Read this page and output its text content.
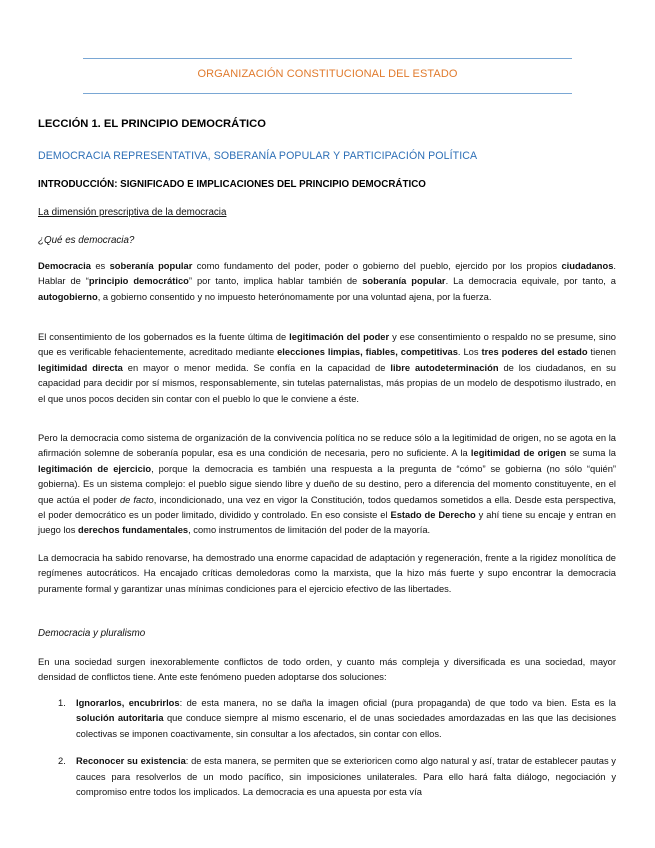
ORGANIZACIÓN CONSTITUCIONAL DEL ESTADO
LECCIÓN 1. EL PRINCIPIO DEMOCRÁTICO
DEMOCRACIA REPRESENTATIVA, SOBERANÍA POPULAR Y PARTICIPACIÓN POLÍTICA
INTRODUCCIÓN: SIGNIFICADO E IMPLICACIONES DEL PRINCIPIO DEMOCRÁTICO
La dimensión prescriptiva de la democracia
¿Qué es democracia?

Democracia es soberanía popular como fundamento del poder, poder o gobierno del pueblo, ejercido por los propios ciudadanos. Hablar de “principio democrático” por tanto, implica hablar también de soberanía popular. La democracia equivale, por tanto, a autogobierno, a gobierno consentido y no impuesto heterónomamente por una voluntad ajena, por la fuerza.

El consentimiento de los gobernados es la fuente última de legitimación del poder y ese consentimiento o respaldo no se presume, sino que es verificable fehacientemente, acreditado mediante elecciones limpias, fiables, competitivas. Los tres poderes del estado tienen legitimidad directa en mayor o menor medida. Se confía en la capacidad de libre autodeterminación de los ciudadanos, en su capacidad para decidir por sí mismos, responsablemente, sin tutelas paternalistas, más propias de un modelo de despotismo ilustrado, en el que unos pocos deciden sin contar con el pueblo lo que le conviene a éste.

Pero la democracia como sistema de organización de la convivencia política no se reduce sólo a la legitimidad de origen, no se agota en la afirmación solemne de soberanía popular, esa es una condición de necesaria, pero no suficiente. A la legitimidad de origen se suma la legitimación de ejercicio, porque la democracia es también una respuesta a la pregunta de “cómo” se gobierna (no sólo “quién” gobierna). Es un sistema complejo: el pueblo sigue siendo libre y dueño de su destino, pero a diferencia del momento constituyente, en el que actúa el poder de facto, incondicionado, una vez en vigor la Constitución, todos quedamos sometidos a ella. Desde esta perspectiva, el poder democrático es un poder limitado, dividido y controlado. En eso consiste el Estado de Derecho y ahí tiene su encaje y entran en juego los derechos fundamentales, como instrumentos de limitación del poder de la mayoría.

La democracia ha sabido renovarse, ha demostrado una enorme capacidad de adaptación y regeneración, frente a la rigidez monolítica de regímenes autocráticos. Ha encajado críticas demoledoras como la marxista, que la hizo más fuerte y supo encontrar la democracia puramente formal y garantizar unas mínimas condiciones para el ejercicio efectivo de las libertades.

Democracia y pluralismo

En una sociedad surgen inexorablemente conflictos de todo orden, y cuanto más compleja y diversificada es una sociedad, mayor densidad de conflictos tiene. Ante este fenómeno pueden adoptarse dos soluciones:

1. Ignorarlos, encubrirlos: de esta manera, no se daña la imagen oficial (pura propaganda) de que todo va bien. Esta es la solución autoritaria que conduce siempre al mismo escenario, el de unas sociedades amordazadas en las que las decisiones colectivas se imponen coactivamente, sin consultar a los afectados, sin contar con ellos.
2. Reconocer su existencia: de esta manera, se permiten que se exterioricen como algo natural y así, tratar de establecer pautas y cauces para resolverlos de un modo pacífico, sin imposiciones unilaterales. Para ello hará falta diálogo, negociación y compromiso entre todos los implicados. La democracia es una apuesta por esta vía
